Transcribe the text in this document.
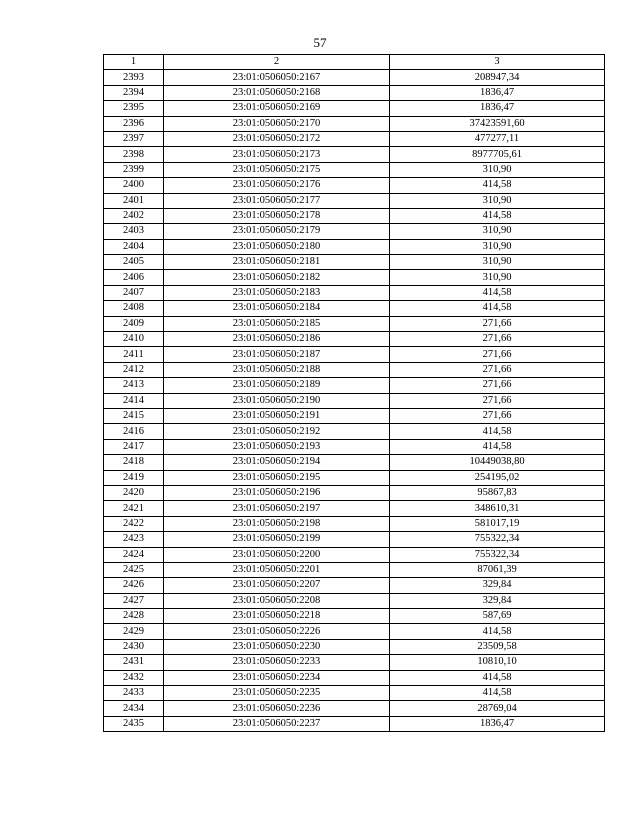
57
1	2	3
2393	23:01:0506050:2167	208947,34
2394	23:01:0506050:2168	1836,47
2395	23:01:0506050:2169	1836,47
2396	23:01:0506050:2170	37423591,60
2397	23:01:0506050:2172	477277,11
2398	23:01:0506050:2173	8977705,61
2399	23:01:0506050:2175	310,90
2400	23:01:0506050:2176	414,58
2401	23:01:0506050:2177	310,90
2402	23:01:0506050:2178	414,58
2403	23:01:0506050:2179	310,90
2404	23:01:0506050:2180	310,90
2405	23:01:0506050:2181	310,90
2406	23:01:0506050:2182	310,90
2407	23:01:0506050:2183	414,58
2408	23:01:0506050:2184	414,58
2409	23:01:0506050:2185	271,66
2410	23:01:0506050:2186	271,66
2411	23:01:0506050:2187	271,66
2412	23:01:0506050:2188	271,66
2413	23:01:0506050:2189	271,66
2414	23:01:0506050:2190	271,66
2415	23:01:0506050:2191	271,66
2416	23:01:0506050:2192	414,58
2417	23:01:0506050:2193	414,58
2418	23:01:0506050:2194	10449038,80
2419	23:01:0506050:2195	254195,02
2420	23:01:0506050:2196	95867,83
2421	23:01:0506050:2197	348610,31
2422	23:01:0506050:2198	581017,19
2423	23:01:0506050:2199	755322,34
2424	23:01:0506050:2200	755322,34
2425	23:01:0506050:2201	87061,39
2426	23:01:0506050:2207	329,84
2427	23:01:0506050:2208	329,84
2428	23:01:0506050:2218	587,69
2429	23:01:0506050:2226	414,58
2430	23:01:0506050:2230	23509,58
2431	23:01:0506050:2233	10810,10
2432	23:01:0506050:2234	414,58
2433	23:01:0506050:2235	414,58
2434	23:01:0506050:2236	28769,04
2435	23:01:0506050:2237	1836,47
